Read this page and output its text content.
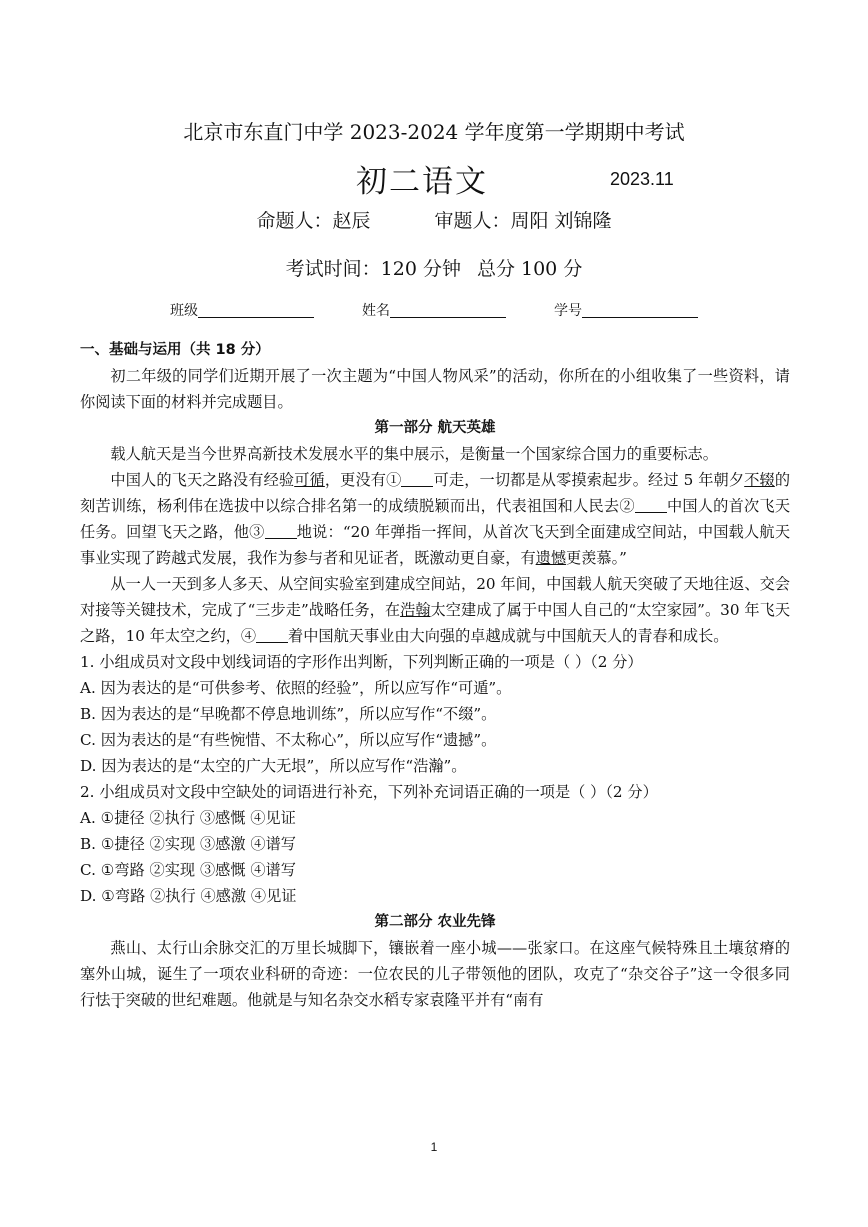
北京市东直门中学 2023-2024 学年度第一学期期中考试
初二语文	2023.11
命题人：赵辰	审题人：周阳 刘锦隆
考试时间：120 分钟 总分 100 分
班级	姓名	学号
一、基础与运用（共 18 分）

初二年级的同学们近期开展了一次主题为“中国人物风采”的活动，你所在的小组收集了一些资料，请你阅读下面的材料并完成题目。

第一部分 航天英雄

载人航天是当今世界高新技术发展水平的集中展示，是衡量一个国家综合国力的重要标志。

中国人的飞天之路没有经验可循，更没有① 可走，一切都是从零摸索起步。经过 5 年朝夕不辍的刻苦训练，杨利伟在选拔中以综合排名第一的成绩脱颖而出，代表祖国和人民去② 中国人的首次飞天任务。回望飞天之路，他③ 地说：“20 年弹指一挥间，从首次飞天到全面建成空间站，中国载人航天事业实现了跨越式发展，我作为参与者和见证者，既激动更自豪，有遗憾更羡慕。”

从一人一天到多人多天、从空间实验室到建成空间站，20 年间，中国载人航天突破了天地往返、交会对接等关键技术，完成了“三步走”战略任务，在浩翰太空建成了属于中国人自己的“太空家园”。30 年飞天之路，10 年太空之约，④ 着中国航天事业由大向强的卓越成就与中国航天人的青春和成长。

1. 小组成员对文段中划线词语的字形作出判断，下列判断正确的一项是（ ）（2 分）

A. 因为表达的是“可供参考、依照的经验”，所以应写作“可遁”。

B. 因为表达的是“早晚都不停息地训练”，所以应写作“不缀”。

C. 因为表达的是“有些惋惜、不太称心”，所以应写作“遗撼”。

D. 因为表达的是“太空的广大无垠”，所以应写作“浩瀚”。

2. 小组成员对文段中空缺处的词语进行补充，下列补充词语正确的一项是（ ）（2 分）

A. ①捷径 ②执行 ③感慨 ④见证

B. ①捷径 ②实现 ③感激 ④谱写

C. ①弯路 ②实现 ③感慨 ④谱写

D. ①弯路 ②执行 ④感激 ④见证

第二部分 农业先锋

燕山、太行山余脉交汇的万里长城脚下，镶嵌着一座小城——张家口。在这座气候特殊且土壤贫瘠的塞外山城，诞生了一项农业科研的奇迹：一位农民的儿子带领他的团队，攻克了“杂交谷子”这一令很多同行怯于突破的世纪难题。他就是与知名杂交水稻专家袁隆平并有“南有

1
